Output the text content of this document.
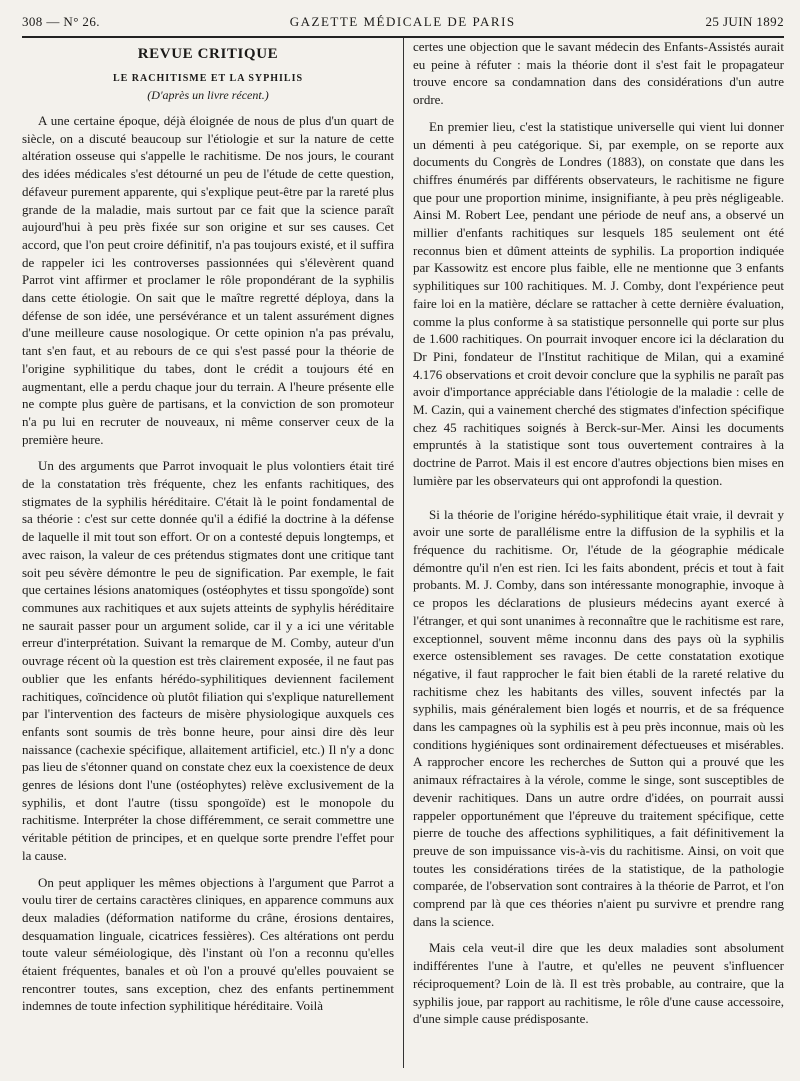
308 — N° 26.	GAZETTE MÉDICALE DE PARIS	25 JUIN 1892
REVUE CRITIQUE
LE RACHITISME ET LA SYPHILIS
(D'après un livre récent.)

A une certaine époque, déjà éloignée de nous de plus d'un quart de siècle, on a discuté beaucoup sur l'étiologie et sur la nature de cette altération osseuse qui s'appelle le rachitisme. De nos jours, le courant des idées médicales s'est détourné un peu de l'étude de cette question, défaveur purement apparente, qui s'explique peut-être par la rareté plus grande de la maladie, mais surtout par ce fait que la science paraît aujourd'hui à peu près fixée sur son origine et sur ses causes. Cet accord, que l'on peut croire définitif, n'a pas toujours existé, et il suffira de rappeler ici les controverses passionnées qui s'élevèrent quand Parrot vint affirmer et proclamer le rôle propondérant de la syphilis dans cette étiologie. On sait que le maître regretté déploya, dans la défense de son idée, une persévérance et un talent assurément dignes d'une meilleure cause nosologique. Or cette opinion n'a pas prévalu, tant s'en faut, et au rebours de ce qui s'est passé pour la théorie de l'origine syphilitique du tabes, dont le crédit a toujours été en augmentant, elle a perdu chaque jour du terrain. A l'heure présente elle ne compte plus guère de partisans, et la conviction de son promoteur n'a pu lui en recruter de nouveaux, ni même conserver ceux de la première heure.

Un des arguments que Parrot invoquait le plus volontiers était tiré de la constatation très fréquente, chez les enfants rachitiques, des stigmates de la syphilis héréditaire. C'était là le point fondamental de sa théorie : c'est sur cette donnée qu'il a édifié la doctrine à la défense de laquelle il mit tout son effort. Or on a contesté depuis longtemps, et avec raison, la valeur de ces prétendus stigmates dont une critique tant soit peu sévère démontre le peu de signification. Par exemple, le fait que certaines lésions anatomiques (ostéophytes et tissu spongoïde) sont communes aux rachitiques et aux sujets atteints de syphylis héréditaire ne saurait passer pour un argument solide, car il y a ici une véritable erreur d'interprétation. Suivant la remarque de M. Comby, auteur d'un ouvrage récent où la question est très clairement exposée, il ne faut pas oublier que les enfants hérédo-syphilitiques deviennent facilement rachitiques, coïncidence où plutôt filiation qui s'explique naturellement par l'intervention des facteurs de misère physiologique auxquels ces enfants sont soumis de très bonne heure, pour ainsi dire dès leur naissance (cachexie spécifique, allaitement artificiel, etc.) Il n'y a donc pas lieu de s'étonner quand on constate chez eux la coexistence de deux genres de lésions dont l'une (ostéophytes) relève exclusivement de la syphilis, et dont l'autre (tissu spongoïde) est le monopole du rachitisme. Interpréter la chose différemment, ce serait commettre une véritable pétition de principes, et en quelque sorte prendre l'effet pour la cause.

On peut appliquer les mêmes objections à l'argument que Parrot a voulu tirer de certains caractères cliniques, en apparence communs aux deux maladies (déformation natiforme du crâne, érosions dentaires, desquamation linguale, cicatrices fessières). Ces altérations ont perdu toute valeur séméiologique, dès l'instant où l'on a reconnu qu'elles étaient fréquentes, banales et où l'on a prouvé qu'elles pouvaient se rencontrer toutes, sans exception, chez des enfants pertinemment indemnes de toute infection syphilitique héréditaire. Voilà

certes une objection que le savant médecin des Enfants-Assistés aurait eu peine à réfuter : mais la théorie dont il s'est fait le propagateur trouve encore sa condamnation dans des considérations d'un autre ordre.

En premier lieu, c'est la statistique universelle qui vient lui donner un démenti à peu catégorique. Si, par exemple, on se reporte aux documents du Congrès de Londres (1883), on constate que dans les chiffres énumérés par différents observateurs, le rachitisme ne figure que pour une proportion minime, insignifiante, à peu près négligeable. Ainsi M. Robert Lee, pendant une période de neuf ans, a observé un millier d'enfants rachitiques sur lesquels 185 seulement ont été reconnus bien et dûment atteints de syphilis. La proportion indiquée par Kassowitz est encore plus faible, elle ne mentionne que 3 enfants syphilitiques sur 100 rachitiques. M. J. Comby, dont l'expérience peut faire loi en la matière, déclare se rattacher à cette dernière évaluation, comme la plus conforme à sa statistique personnelle qui porte sur plus de 1.600 rachitiques. On pourrait invoquer encore ici la déclaration du Dr Pini, fondateur de l'Institut rachitique de Milan, qui a examiné 4.176 observations et croit devoir conclure que la syphilis ne paraît pas avoir d'importance appréciable dans l'étiologie de la maladie : celle de M. Cazin, qui a vainement cherché des stigmates d'infection spécifique chez 45 rachitiques soignés à Berck-sur-Mer. Ainsi les documents empruntés à la statistique sont tous ouvertement contraires à la doctrine de Parrot. Mais il est encore d'autres objections bien mises en lumière par les observateurs qui ont approfondi la question.

Si la théorie de l'origine hérédo-syphilitique était vraie, il devrait y avoir une sorte de parallélisme entre la diffusion de la syphilis et la fréquence du rachitisme. Or, l'étude de la géographie médicale démontre qu'il n'en est rien. Ici les faits abondent, précis et tout à fait probants. M. J. Comby, dans son intéressante monographie, invoque à ce propos les déclarations de plusieurs médecins ayant exercé à l'étranger, et qui sont unanimes à reconnaître que le rachitisme est rare, exceptionnel, souvent même inconnu dans des pays où la syphilis exerce ostensiblement ses ravages. De cette constatation exotique négative, il faut rapprocher le fait bien établi de la rareté relative du rachitisme chez les habitants des villes, souvent infectés par la syphilis, mais généralement bien logés et nourris, et de sa fréquence dans les campagnes où la syphilis est à peu près inconnue, mais où les conditions hygiéniques sont ordinairement défectueuses et misérables. A rapprocher encore les recherches de Sutton qui a prouvé que les animaux réfractaires à la vérole, comme le singe, sont susceptibles de devenir rachitiques. Dans un autre ordre d'idées, on pourrait aussi rappeler opportunément que l'épreuve du traitement spécifique, cette pierre de touche des affections syphilitiques, a fait définitivement la preuve de son impuissance vis-à-vis du rachitisme. Ainsi, on voit que toutes les considérations tirées de la statistique, de la pathologie comparée, de l'observation sont contraires à la théorie de Parrot, et l'on comprend par là que ces théories n'aient pu survivre et prendre rang dans la science.

Mais cela veut-il dire que les deux maladies sont absolument indifférentes l'une à l'autre, et qu'elles ne peuvent s'influencer réciproquement? Loin de là. Il est très probable, au contraire, que la syphilis joue, par rapport au rachitisme, le rôle d'une cause accessoire, d'une simple cause prédisposante.
